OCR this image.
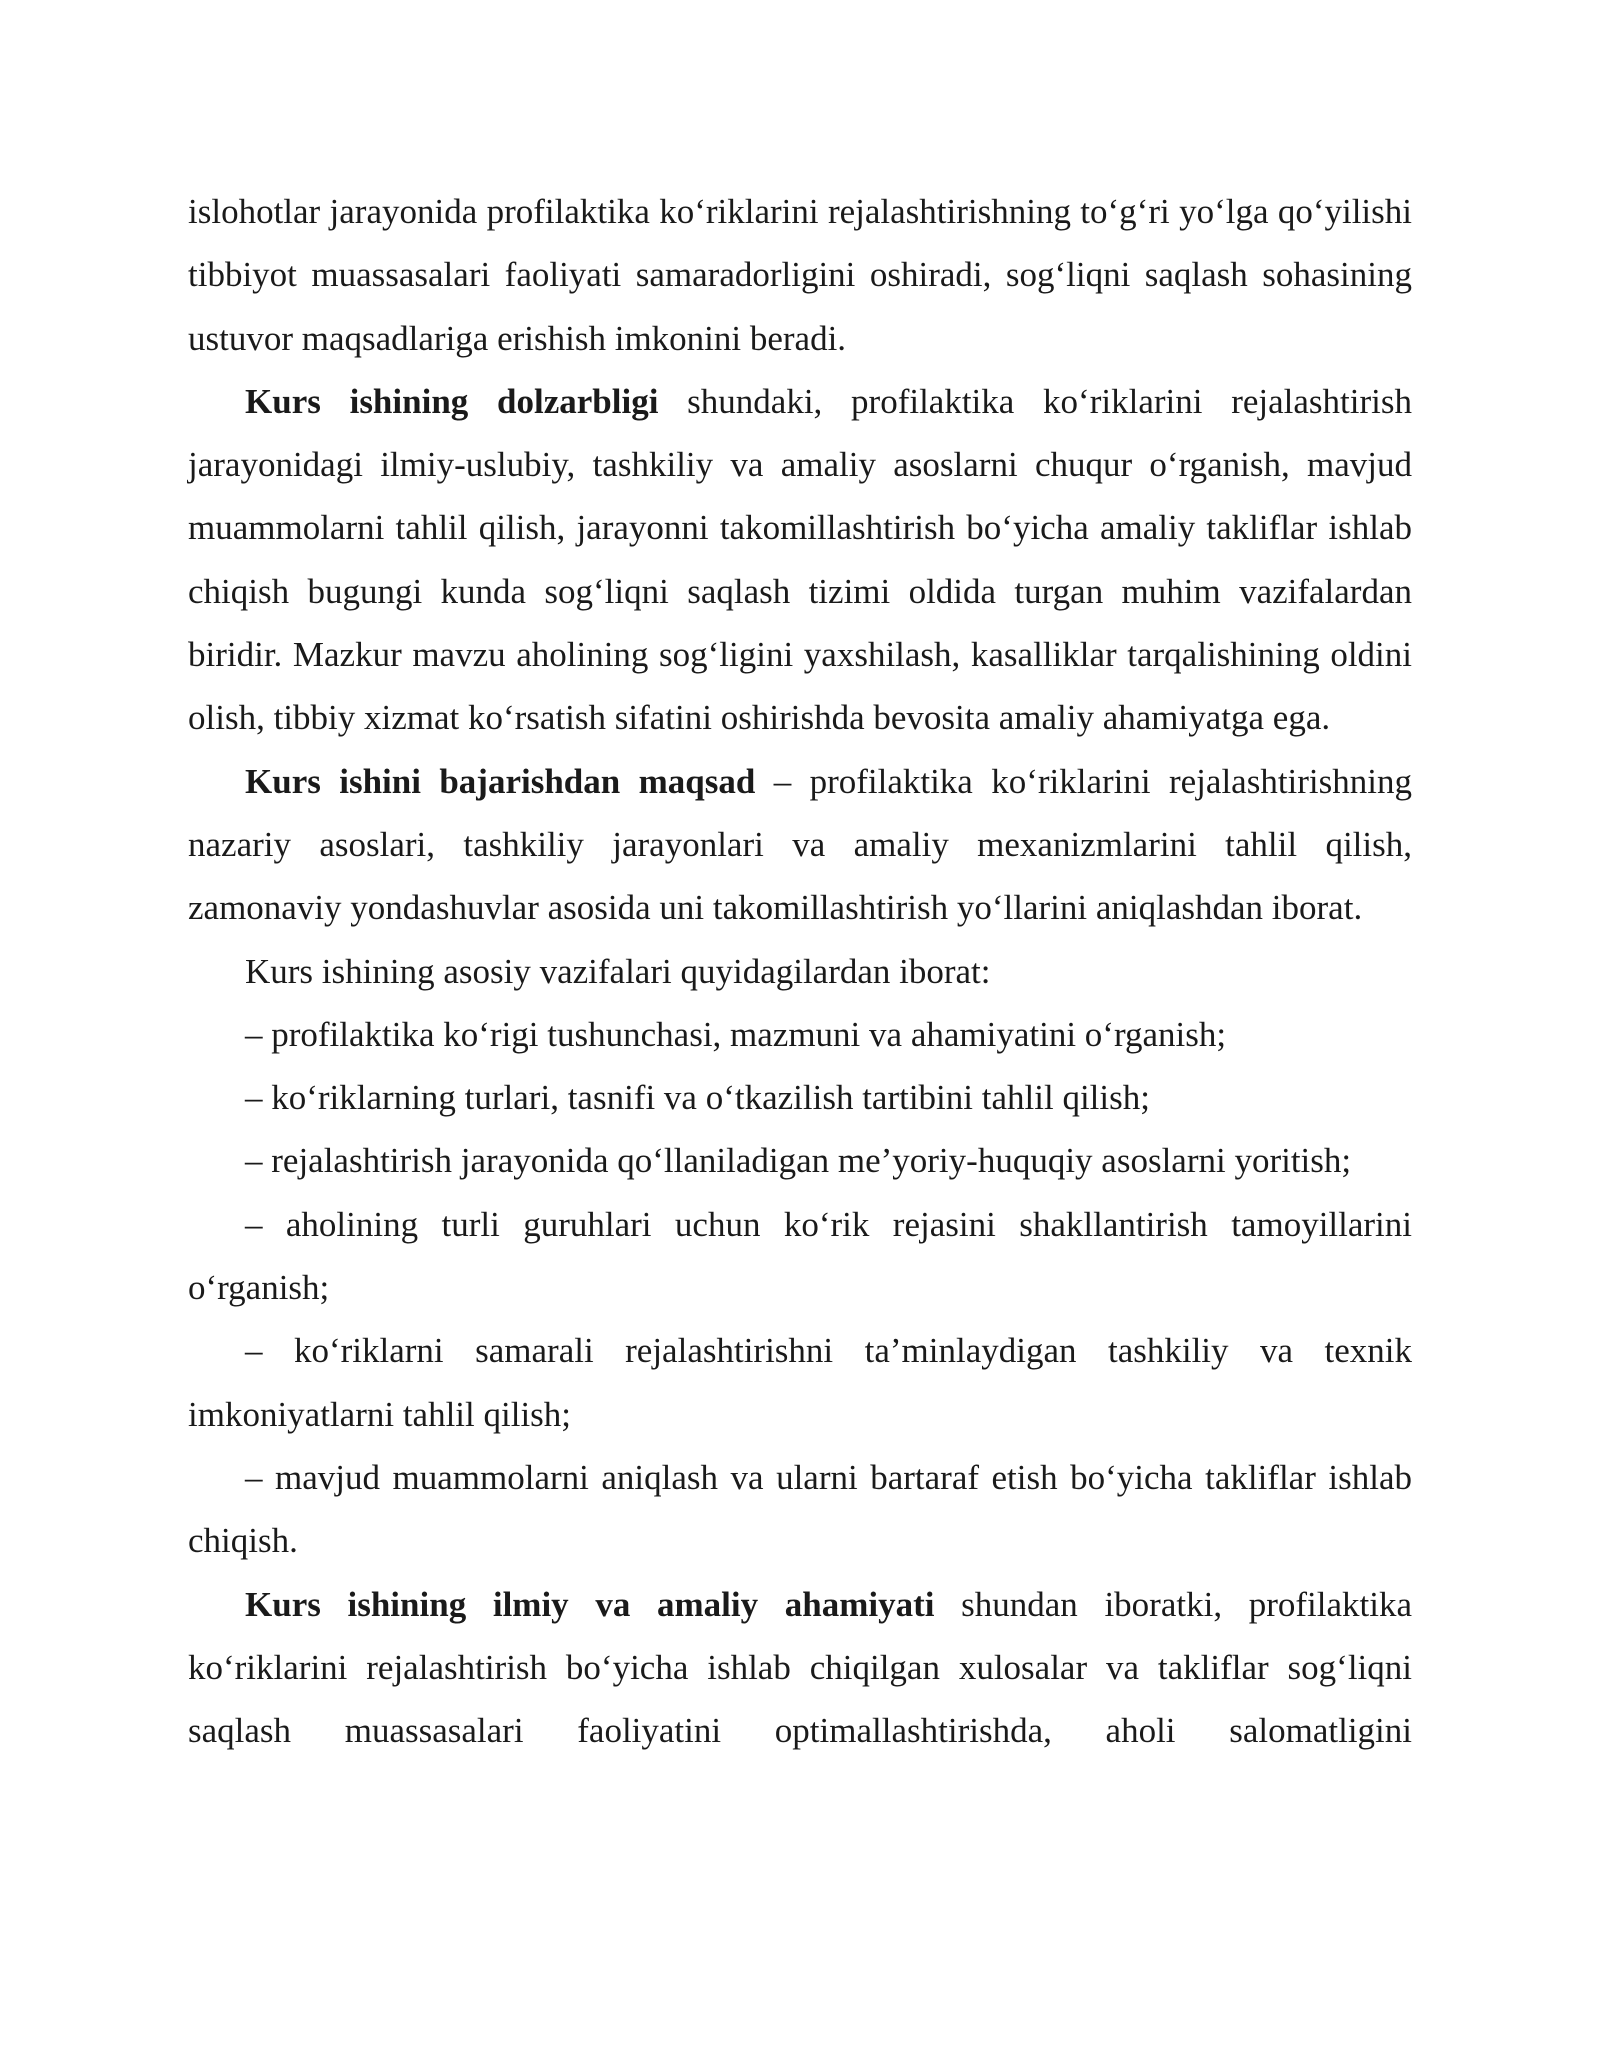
islohotlar jarayonida profilaktika ko‘riklarini rejalashtirishning to‘g‘ri yo‘lga qo‘yilishi tibbiyot muassasalari faoliyati samaradorligini oshiradi, sog‘liqni saqlash sohasining ustuvor maqsadlariga erishish imkonini beradi.

Kurs ishining dolzarbligi shundaki, profilaktika ko‘riklarini rejalashtirish jarayonidagi ilmiy-uslubiy, tashkiliy va amaliy asoslarni chuqur o‘rganish, mavjud muammolarni tahlil qilish, jarayonni takomillashtirish bo‘yicha amaliy takliflar ishlab chiqish bugungi kunda sog‘liqni saqlash tizimi oldida turgan muhim vazifalardan biridir. Mazkur mavzu aholining sog‘ligini yaxshilash, kasalliklar tarqalishining oldini olish, tibbiy xizmat ko‘rsatish sifatini oshirishda bevosita amaliy ahamiyatga ega.

Kurs ishini bajarishdan maqsad – profilaktika ko‘riklarini rejalashtirishning nazariy asoslari, tashkiliy jarayonlari va amaliy mexanizmlarini tahlil qilish, zamonaviy yondashuvlar asosida uni takomillashtirish yo‘llarini aniqlashdan iborat.

Kurs ishining asosiy vazifalari quyidagilardan iborat:

– profilaktika ko‘rigi tushunchasi, mazmuni va ahamiyatini o‘rganish;

– ko‘riklarning turlari, tasnifi va o‘tkazilish tartibini tahlil qilish;

– rejalashtirish jarayonida qo‘llaniladigan me’yoriy-huquqiy asoslarni yoritish;

– aholining turli guruhlari uchun ko‘rik rejasini shakllantirish tamoyillarini o‘rganish;

– ko‘riklarni samarali rejalashtirishni ta’minlaydigan tashkiliy va texnik imkoniyatlarni tahlil qilish;

– mavjud muammolarni aniqlash va ularni bartaraf etish bo‘yicha takliflar ishlab chiqish.

Kurs ishining ilmiy va amaliy ahamiyati shundan iboratki, profilaktika ko‘riklarini rejalashtirish bo‘yicha ishlab chiqilgan xulosalar va takliflar sog‘liqni saqlash muassasalari faoliyatini optimallashtirishda, aholi salomatligini
